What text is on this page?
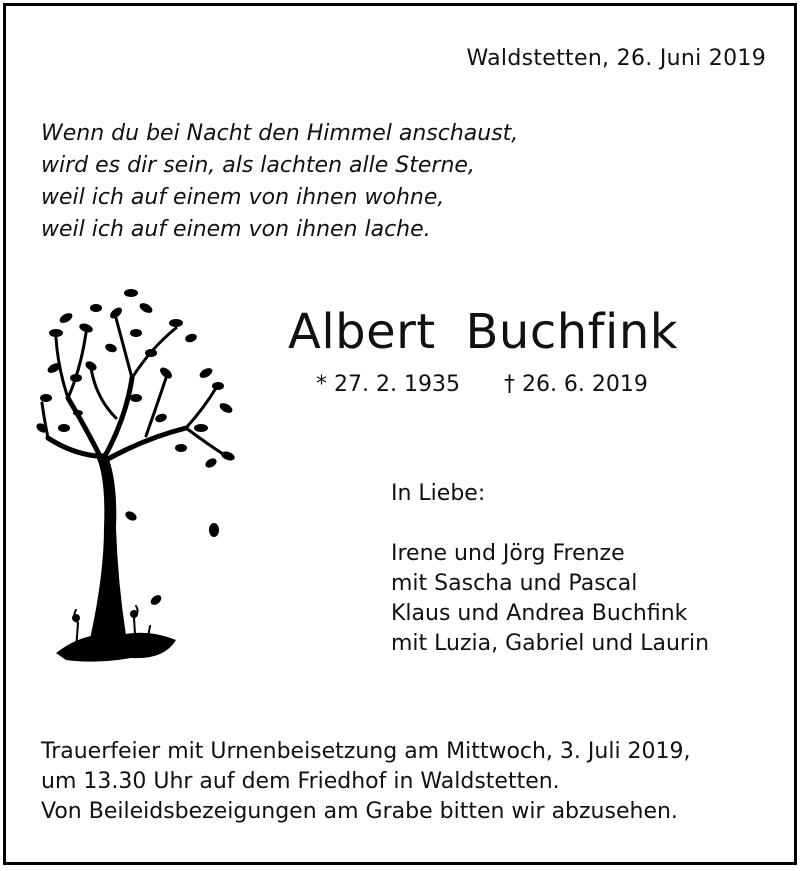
Waldstetten, 26. Juni 2019
Wenn du bei Nacht den Himmel anschaust,
wird es dir sein, als lachten alle Sterne,
weil ich auf einem von ihnen wohne,
weil ich auf einem von ihnen lache.
Albert Buchfink
* 27. 2. 1935 † 26. 6. 2019
In Liebe:
Irene und Jörg Frenze
mit Sascha und Pascal
Klaus und Andrea Buchfink
mit Luzia, Gabriel und Laurin
Trauerfeier mit Urnenbeisetzung am Mittwoch, 3. Juli 2019,
um 13.30 Uhr auf dem Friedhof in Waldstetten.
Von Beileidsbezeigungen am Grabe bitten wir abzusehen.
